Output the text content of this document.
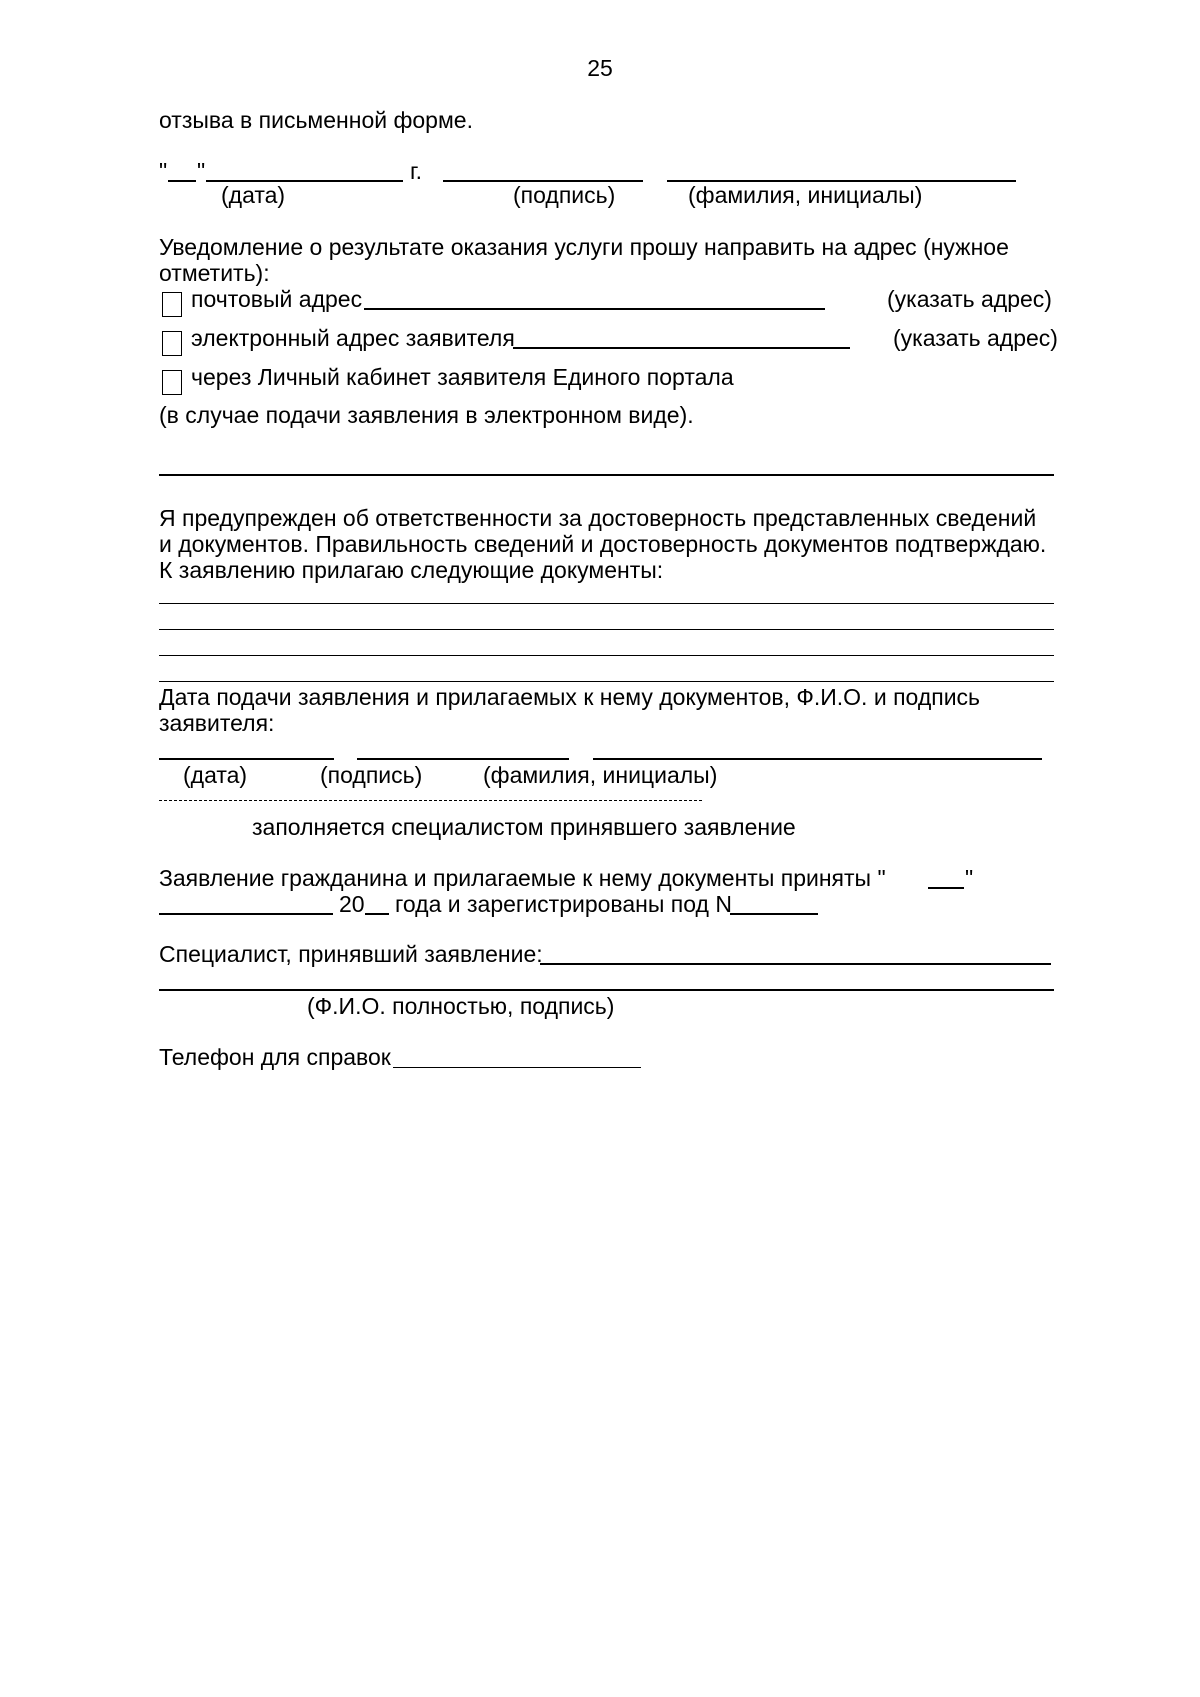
25
отзыва в письменной форме.
" "	г.
(дата)	(подпись)	(фамилия, инициалы)
Уведомление о результате оказания услуги прошу направить на адрес (нужное
отметить):
почтовый адрес	(указать адрес)
электронный адрес заявителя	(указать адрес)
через Личный кабинет заявителя Единого портала
(в случае подачи заявления в электронном виде).
Я предупрежден об ответственности за достоверность представленных сведений
и документов. Правильность сведений и достоверность документов подтверждаю.
К заявлению прилагаю следующие документы:
Дата подачи заявления и прилагаемых к нему документов, Ф.И.О. и подпись
заявителя:
(дата)	(подпись)	(фамилия, инициалы)
заполняется специалистом принявшего заявление
Заявление гражданина и прилагаемые к нему документы приняты "	"
20 года и зарегистрированы под N
Специалист, принявший заявление:
(Ф.И.О. полностью, подпись)
Телефон для справок
